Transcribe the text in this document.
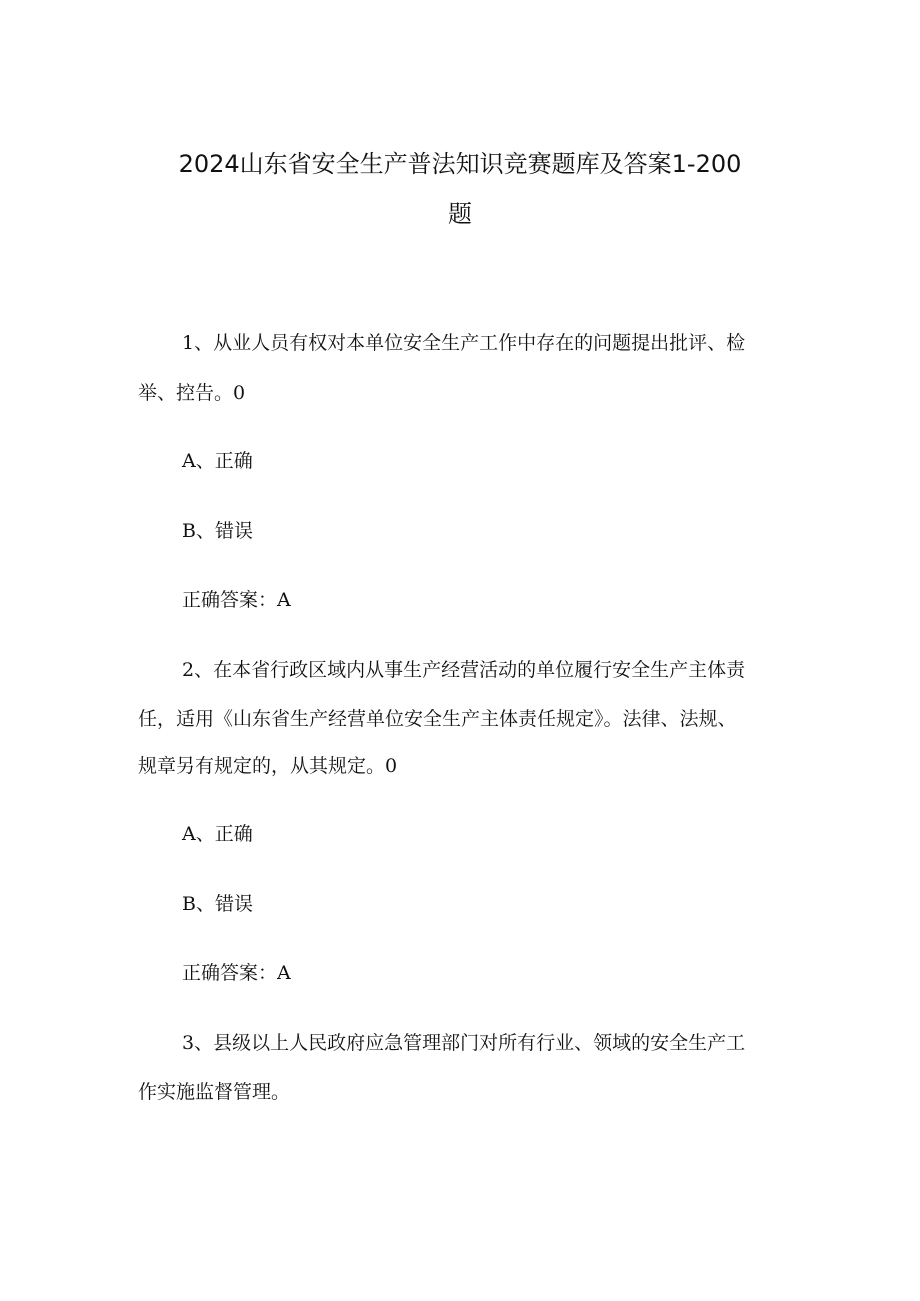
2024山东省安全生产普法知识竞赛题库及答案1-200
题
1、从业人员有权对本单位安全生产工作中存在的问题提出批评、检
举、控告。0
A、正确
B、错误
正确答案：A
2、在本省行政区域内从事生产经营活动的单位履行安全生产主体责
任，适用《山东省生产经营单位安全生产主体责任规定》。法律、法规、
规章另有规定的，从其规定。0
A、正确
B、错误
正确答案：A
3、县级以上人民政府应急管理部门对所有行业、领域的安全生产工
作实施监督管理。
